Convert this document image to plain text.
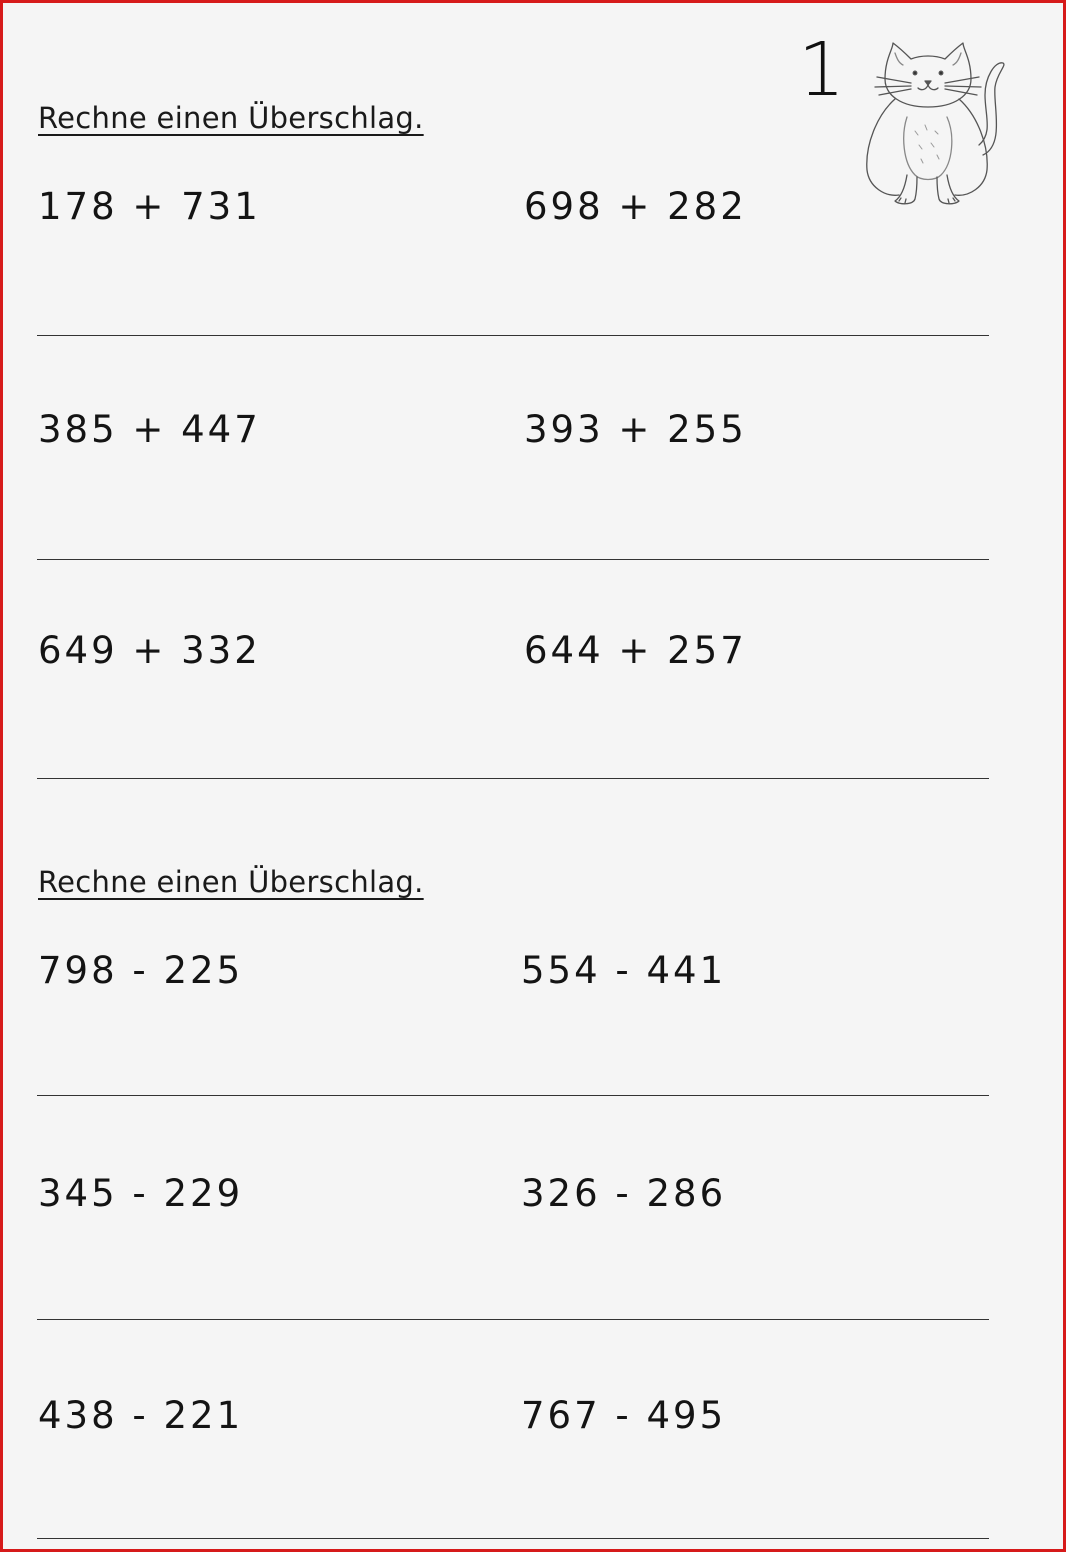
1
Rechne einen Überschlag.
178 + 731	698 + 282
385 + 447	393 + 255
649 + 332	644 + 257
Rechne einen Überschlag.
798 - 225	554 - 441
345 - 229	326 - 286
438 - 221	767 - 495
